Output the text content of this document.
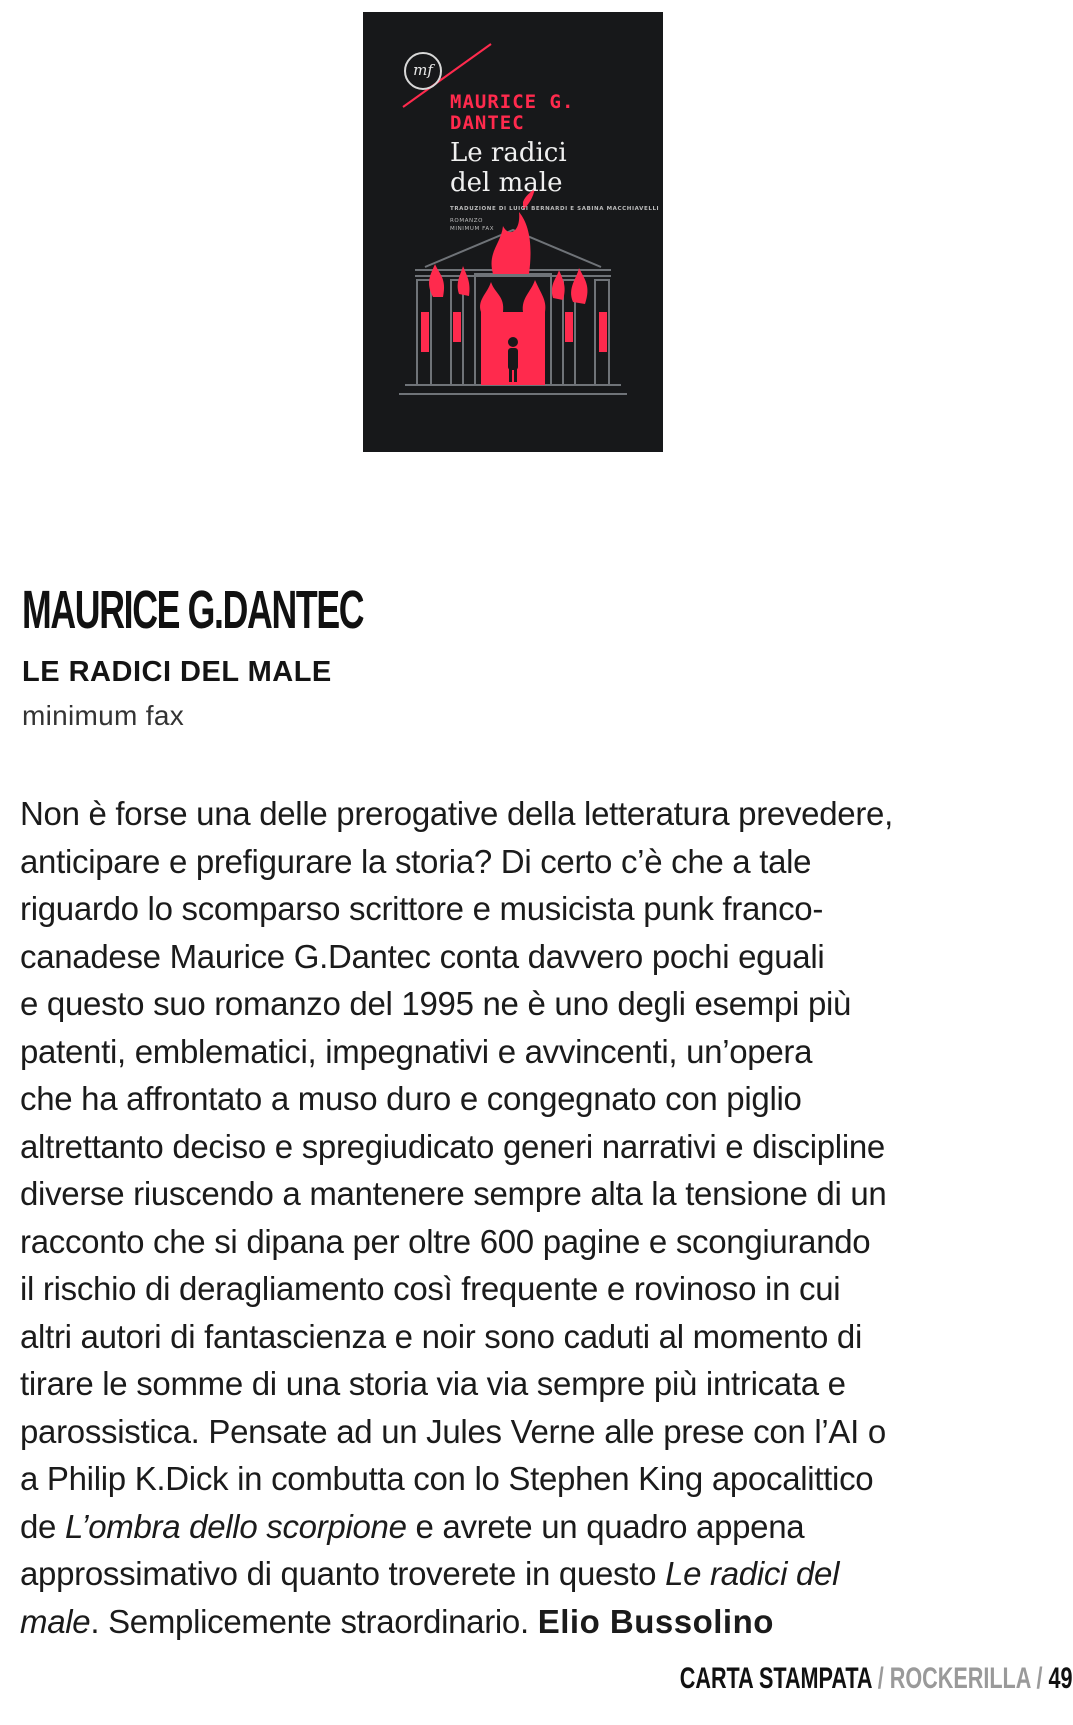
mf
MAURICE G.
DANTEC
Le radici
del male
TRADUZIONE DI LUIGI BERNARDI E SABINA MACCHIAVELLI
ROMANZO
MINIMUM FAX
MAURICE G.DANTEC
LE RADICI DEL MALE
minimum fax
Non è forse una delle prerogative della letteratura prevedere,
anticipare e prefigurare la storia? Di certo c’è che a tale
riguardo lo scomparso scrittore e musicista punk franco-
canadese Maurice G.Dantec conta davvero pochi eguali
e questo suo romanzo del 1995 ne è uno degli esempi più
patenti, emblematici, impegnativi e avvincenti, un’opera
che ha affrontato a muso duro e congegnato con piglio
altrettanto deciso e spregiudicato generi narrativi e discipline
diverse riuscendo a mantenere sempre alta la tensione di un
racconto che si dipana per oltre 600 pagine e scongiurando
il rischio di deragliamento così frequente e rovinoso in cui
altri autori di fantascienza e noir sono caduti al momento di
tirare le somme di una storia via via sempre più intricata e
parossistica. Pensate ad un Jules Verne alle prese con l’AI o
a Philip K.Dick in combutta con lo Stephen King apocalittico
de L’ombra dello scorpione e avrete un quadro appena
approssimativo di quanto troverete in questo Le radici del
male. Semplicemente straordinario. Elio Bussolino
CARTA STAMPATA / ROCKERILLA / 49
